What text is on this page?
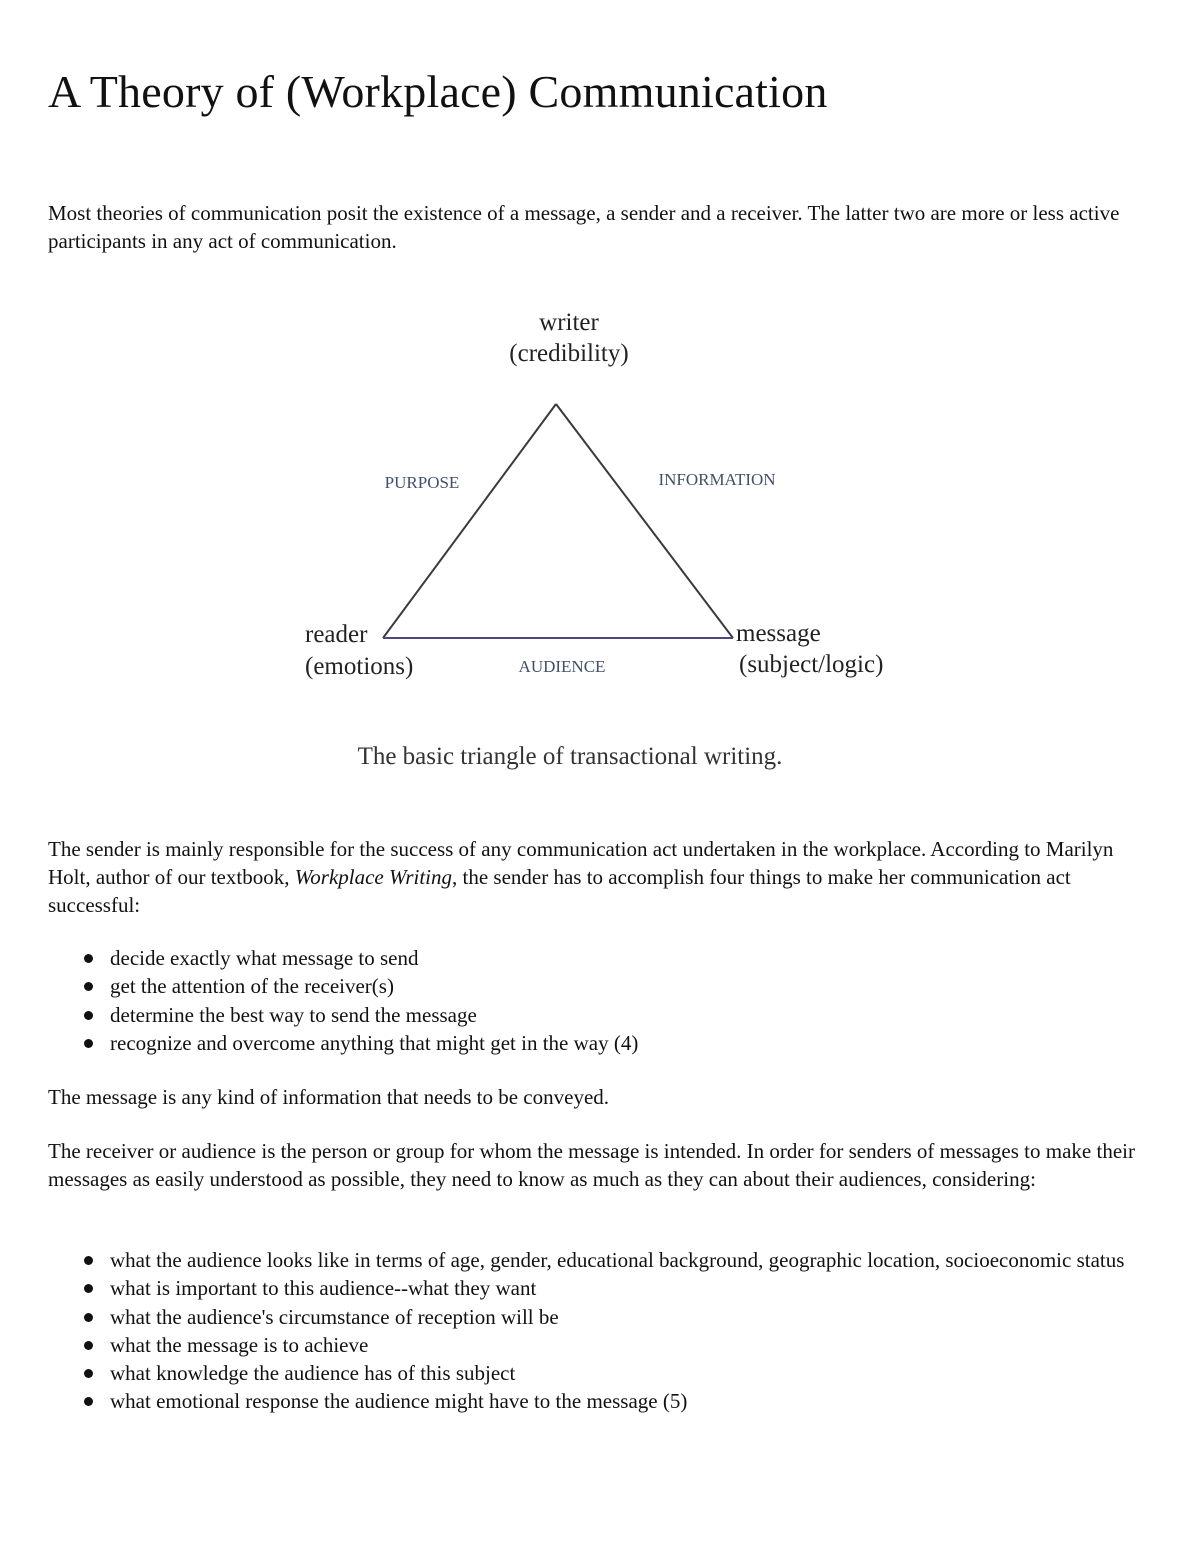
A Theory of (Workplace) Communication

Most theories of communication posit the existence of a message, a sender and a receiver. The latter two are more or less active participants in any act of communication.

writer
(credibility)
reader
(emotions)
message
(subject/logic)
PURPOSE	INFORMATION
AUDIENCE
The basic triangle of transactional writing.

The sender is mainly responsible for the success of any communication act undertaken in the workplace. According to Marilyn Holt, author of our textbook, Workplace Writing, the sender has to accomplish four things to make her communication act successful:

decide exactly what message to send
get the attention of the receiver(s)
determine the best way to send the message
recognize and overcome anything that might get in the way (4)

The message is any kind of information that needs to be conveyed.

The receiver or audience is the person or group for whom the message is intended. In order for senders of messages to make their messages as easily understood as possible, they need to know as much as they can about their audiences, considering:

what the audience looks like in terms of age, gender, educational background, geographic location, socioeconomic status
what is important to this audience--what they want
what the audience's circumstance of reception will be
what the message is to achieve
what knowledge the audience has of this subject
what emotional response the audience might have to the message (5)
